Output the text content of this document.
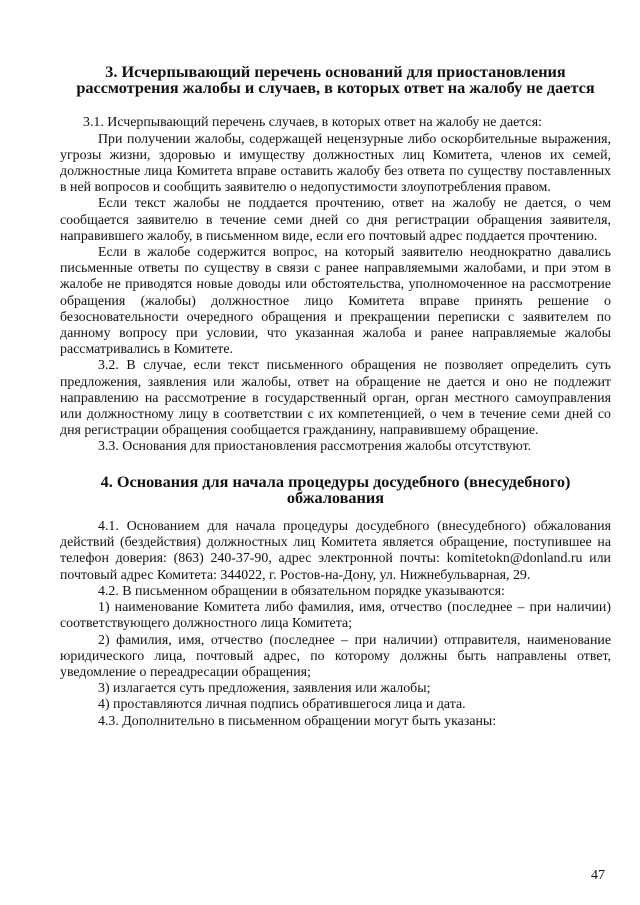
3. Исчерпывающий перечень оснований для приостановления рассмотрения жалобы и случаев, в которых ответ на жалобу не дается

3.1. Исчерпывающий перечень случаев, в которых ответ на жалобу не дается:

При получении жалобы, содержащей нецензурные либо оскорбительные выражения, угрозы жизни, здоровью и имуществу должностных лиц Комитета, членов их семей, должностные лица Комитета вправе оставить жалобу без ответа по существу поставленных в ней вопросов и сообщить заявителю о недопустимости злоупотребления правом.

Если текст жалобы не поддается прочтению, ответ на жалобу не дается, о чем сообщается заявителю в течение семи дней со дня регистрации обращения заявителя, направившего жалобу, в письменном виде, если его почтовый адрес поддается прочтению.

Если в жалобе содержится вопрос, на который заявителю неоднократно давались письменные ответы по существу в связи с ранее направляемыми жалобами, и при этом в жалобе не приводятся новые доводы или обстоятельства, уполномоченное на рассмотрение обращения (жалобы) должностное лицо Комитета вправе принять решение о безосновательности очередного обращения и прекращении переписки с заявителем по данному вопросу при условии, что указанная жалоба и ранее направляемые жалобы рассматривались в Комитете.

3.2. В случае, если текст письменного обращения не позволяет определить суть предложения, заявления или жалобы, ответ на обращение не дается и оно не подлежит направлению на рассмотрение в государственный орган, орган местного самоуправления или должностному лицу в соответствии с их компетенцией, о чем в течение семи дней со дня регистрации обращения сообщается гражданину, направившему обращение.

3.3. Основания для приостановления рассмотрения жалобы отсутствуют.

4. Основания для начала процедуры досудебного (внесудебного) обжалования

4.1. Основанием для начала процедуры досудебного (внесудебного) обжалования действий (бездействия) должностных лиц Комитета является обращение, поступившее на телефон доверия: (863) 240-37-90, адрес электронной почты: komitetokn@donland.ru или почтовый адрес Комитета: 344022, г. Ростов-на-Дону, ул. Нижнебульварная, 29.

4.2. В письменном обращении в обязательном порядке указываются:

1) наименование Комитета либо фамилия, имя, отчество (последнее – при наличии) соответствующего должностного лица Комитета;

2) фамилия, имя, отчество (последнее – при наличии) отправителя, наименование юридического лица, почтовый адрес, по которому должны быть направлены ответ, уведомление о переадресации обращения;

3) излагается суть предложения, заявления или жалобы;

4) проставляются личная подпись обратившегося лица и дата.

4.3. Дополнительно в письменном обращении могут быть указаны:

47
